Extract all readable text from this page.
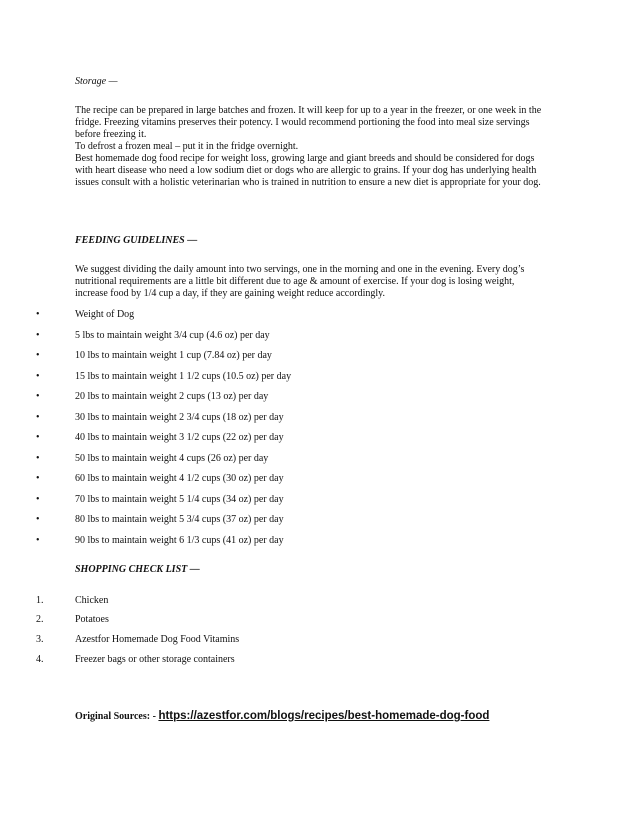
Storage —
The recipe can be prepared in large batches and frozen. It will keep for up to a year in the freezer, or one week in the
fridge. Freezing vitamins preserves their potency. I would recommend portioning the food into meal size servings
before freezing it.
To defrost a frozen meal – put it in the fridge overnight.
Best homemade dog food recipe for weight loss, growing large and giant breeds and should be considered for dogs
with heart disease who need a low sodium diet or dogs who are allergic to grains. If your dog has underlying health
issues consult with a holistic veterinarian who is trained in nutrition to ensure a new diet is appropriate for your dog.
FEEDING GUIDELINES —
We suggest dividing the daily amount into two servings, one in the morning and one in the evening. Every dog’s
nutritional requirements are a little bit different due to age & amount of exercise. If your dog is losing weight,
increase food by 1/4 cup a day, if they are gaining weight reduce accordingly.
•	Weight of Dog
•	5 lbs to maintain weight 3/4 cup (4.6 oz) per day
•	10 lbs to maintain weight 1 cup (7.84 oz) per day
•	15 lbs to maintain weight 1 1/2 cups (10.5 oz) per day
•	20 lbs to maintain weight 2 cups (13 oz) per day
•	30 lbs to maintain weight 2 3/4 cups (18 oz) per day
•	40 lbs to maintain weight 3 1/2 cups (22 oz) per day
•	50 lbs to maintain weight 4 cups (26 oz) per day
•	60 lbs to maintain weight 4 1/2 cups (30 oz) per day
•	70 lbs to maintain weight 5 1/4 cups (34 oz) per day
•	80 lbs to maintain weight 5 3/4 cups (37 oz) per day
•	90 lbs to maintain weight 6 1/3 cups (41 oz) per day
SHOPPING CHECK LIST —
1.	Chicken
2.	Potatoes
3.	Azestfor Homemade Dog Food Vitamins
4.	Freezer bags or other storage containers
Original Sources: - https://azestfor.com/blogs/recipes/best-homemade-dog-food
